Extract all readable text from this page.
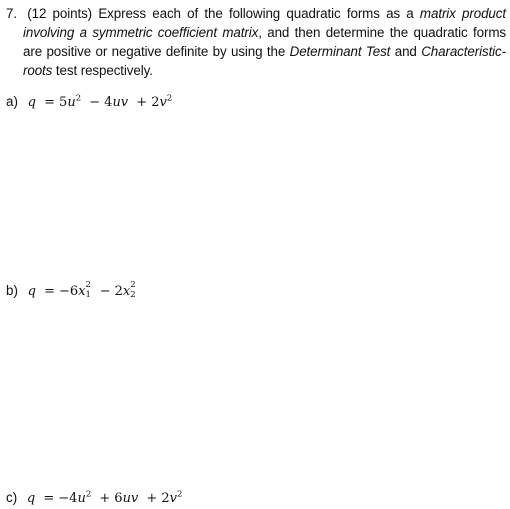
7. (12 points) Express each of the following quadratic forms as a matrix product involving a symmetric coefficient matrix, and then determine the quadratic forms are positive or negative definite by using the Determinant Test and Characteristic-roots test respectively.
a) $q = 5u^2 - 4uv + 2v^2$
b) q = −6x 2
1 − 2x 2
2
c) $q = -4u^2 + 6uv + 2v^2$
